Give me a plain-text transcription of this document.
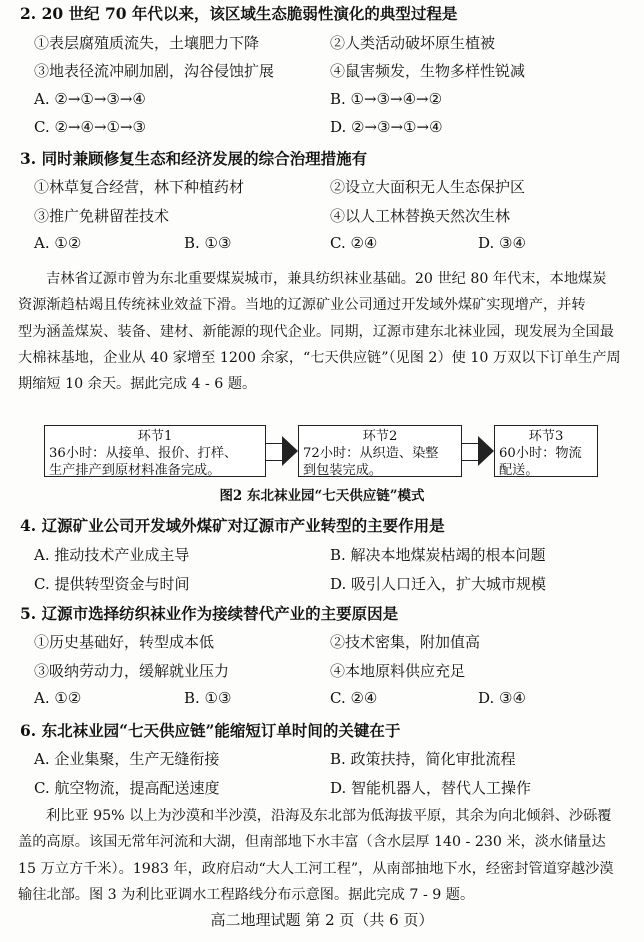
2. 20 世纪 70 年代以来，该区域生态脆弱性演化的典型过程是
①表层腐殖质流失，土壤肥力下降	②人类活动破坏原生植被
③地表径流冲刷加剧，沟谷侵蚀扩展	④鼠害频发，生物多样性锐减
A. ②→①→③→④	B. ①→③→④→②
C. ②→④→①→③	D. ②→③→①→④
3. 同时兼顾修复生态和经济发展的综合治理措施有
①林草复合经营，林下种植药材	②设立大面积无人生态保护区
③推广免耕留茬技术	④以人工林替换天然次生林
A. ①②	B. ①③	C. ②④	D. ③④
吉林省辽源市曾为东北重要煤炭城市，兼具纺织袜业基础。20 世纪 80 年代末，本地煤炭
资源渐趋枯竭且传统袜业效益下滑。当地的辽源矿业公司通过开发域外煤矿实现增产，并转
型为涵盖煤炭、装备、建材、新能源的现代企业。同期，辽源市建东北袜业园，现发展为全国最
大棉袜基地，企业从 40 家增至 1200 余家，“七天供应链”（见图 2）使 10 万双以下订单生产周
期缩短 10 余天。据此完成 4 - 6 题。
环节1
36小时：从接单、报价、打样、
生产排产到原材料准备完成。
环节2
72小时：从织造、染整
到包装完成。
环节3
60小时：物流
配送。
图2 东北袜业园“七天供应链”模式
4. 辽源矿业公司开发域外煤矿对辽源市产业转型的主要作用是
A. 推动技术产业成主导	B. 解决本地煤炭枯竭的根本问题
C. 提供转型资金与时间	D. 吸引人口迁入，扩大城市规模
5. 辽源市选择纺织袜业作为接续替代产业的主要原因是
①历史基础好，转型成本低	②技术密集，附加值高
③吸纳劳动力，缓解就业压力	④本地原料供应充足
A. ①②	B. ①③	C. ②④	D. ③④
6. 东北袜业园“七天供应链”能缩短订单时间的关键在于
A. 企业集聚，生产无缝衔接	B. 政策扶持，简化审批流程
C. 航空物流，提高配送速度	D. 智能机器人，替代人工操作
利比亚 95% 以上为沙漠和半沙漠，沿海及东北部为低海拔平原，其余为向北倾斜、沙砾覆
盖的高原。该国无常年河流和大湖，但南部地下水丰富（含水层厚 140 - 230 米，淡水储量达
15 万立方千米）。1983 年，政府启动“大人工河工程”，从南部抽地下水，经密封管道穿越沙漠
输往北部。图 3 为利比亚调水工程路线分布示意图。据此完成 7 - 9 题。
高二地理试题 第 2 页（共 6 页）
